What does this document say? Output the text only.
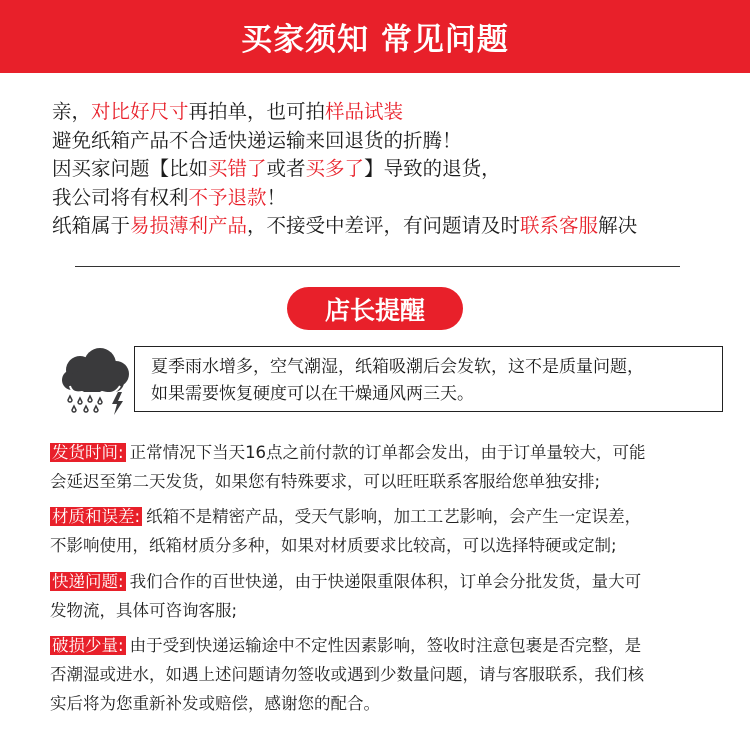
买家须知 常见问题
亲，对比好尺寸再拍单，也可拍样品试装
避免纸箱产品不合适快递运输来回退货的折腾！
因买家问题【比如买错了或者买多了】导致的退货，
我公司将有权利不予退款！
纸箱属于易损薄利产品，不接受中差评，有问题请及时联系客服解决
店长提醒
夏季雨水增多，空气潮湿，纸箱吸潮后会发软，这不是质量问题，
如果需要恢复硬度可以在干燥通风两三天。
发货时间: 正常情况下当天16点之前付款的订单都会发出，由于订单量较大，可能
会延迟至第二天发货，如果您有特殊要求，可以旺旺联系客服给您单独安排;
材质和误差: 纸箱不是精密产品，受天气影响，加工工艺影响，会产生一定误差，
不影响使用，纸箱材质分多种，如果对材质要求比较高，可以选择特硬或定制;
快递问题: 我们合作的百世快递，由于快递限重限体积，订单会分批发货，量大可
发物流，具体可咨询客服;
破损少量: 由于受到快递运输途中不定性因素影响，签收时注意包裹是否完整，是
否潮湿或进水，如遇上述问题请勿签收或遇到少数量问题，请与客服联系，我们核
实后将为您重新补发或赔偿，感谢您的配合。
